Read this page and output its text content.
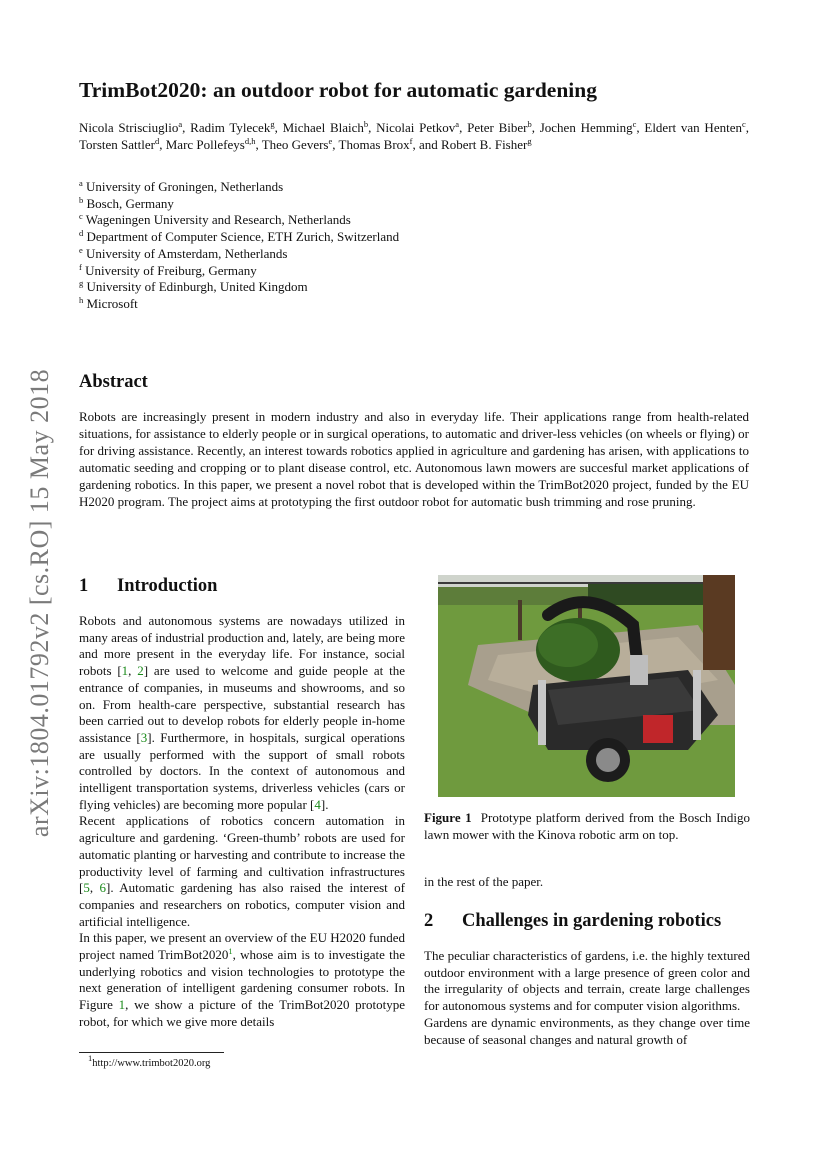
arXiv:1804.01792v2 [cs.RO] 15 May 2018
TrimBot2020: an outdoor robot for automatic gardening
Nicola Strisciuglio$^a$, Radim Tylecek$^g$, Michael Blaich$^b$, Nicolai Petkov$^a$, Peter Biber$^b$, Jochen Hemming$^c$, Eldert van Henten$^c$, Torsten Sattler$^d$, Marc Pollefeys$^{d,h}$, Theo Gevers$^e$, Thomas Brox$^f$, and Robert B. Fisher$^g$
$^a$ University of Groningen, Netherlands
$^b$ Bosch, Germany
$^c$ Wageningen University and Research, Netherlands
$^d$ Department of Computer Science, ETH Zurich, Switzerland
$^e$ University of Amsterdam, Netherlands
$^f$ University of Freiburg, Germany
$^g$ University of Edinburgh, United Kingdom
$^h$ Microsoft
Abstract

Robots are increasingly present in modern industry and also in everyday life. Their applications range from health-related situations, for assistance to elderly people or in surgical operations, to automatic and driver-less vehicles (on wheels or flying) or for driving assistance. Recently, an interest towards robotics applied in agriculture and gardening has arisen, with applications to automatic seeding and cropping or to plant disease control, etc. Autonomous lawn mowers are succesful market applications of gardening robotics. In this paper, we present a novel robot that is developed within the TrimBot2020 project, funded by the EU H2020 program. The project aims at prototyping the first outdoor robot for automatic bush trimming and rose pruning.

1 Introduction

Robots and autonomous systems are nowadays utilized in many areas of industrial production and, lately, are being more and more present in the everyday life. For instance, social robots [1, 2] are used to welcome and guide people at the entrance of companies, in museums and showrooms, and so on. From health-care perspective, substantial research has been carried out to develop robots for elderly people in-home assistance [3]. Furthermore, in hospitals, surgical operations are usually performed with the support of small robots controlled by doctors. In the context of autonomous and intelligent transportation systems, driverless vehicles (cars or flying vehicles) are becoming more popular [4].

Recent applications of robotics concern automation in agriculture and gardening. ‘Green-thumb’ robots are used for automatic planting or harvesting and contribute to increase the productivity level of farming and cultivation infrastructures [5, 6]. Automatic gardening has also raised the interest of companies and researchers on robotics, computer vision and artificial intelligence.

In this paper, we present an overview of the EU H2020 funded project named TrimBot2020$^1$, whose aim is to investigate the underlying robotics and vision technologies to prototype the next generation of intelligent gardening consumer robots. In Figure 1, we show a picture of the TrimBot2020 prototype robot, for which we give more details

$^1$http://www.trimbot2020.org

Figure 1 Prototype platform derived from the Bosch Indigo lawn mower with the Kinova robotic arm on top.

in the rest of the paper.
2 Challenges in gardening robotics

The peculiar characteristics of gardens, i.e. the highly textured outdoor environment with a large presence of green color and the irregularity of objects and terrain, create large challenges for autonomous systems and for computer vision algorithms.

Gardens are dynamic environments, as they change over time because of seasonal changes and natural growth of
